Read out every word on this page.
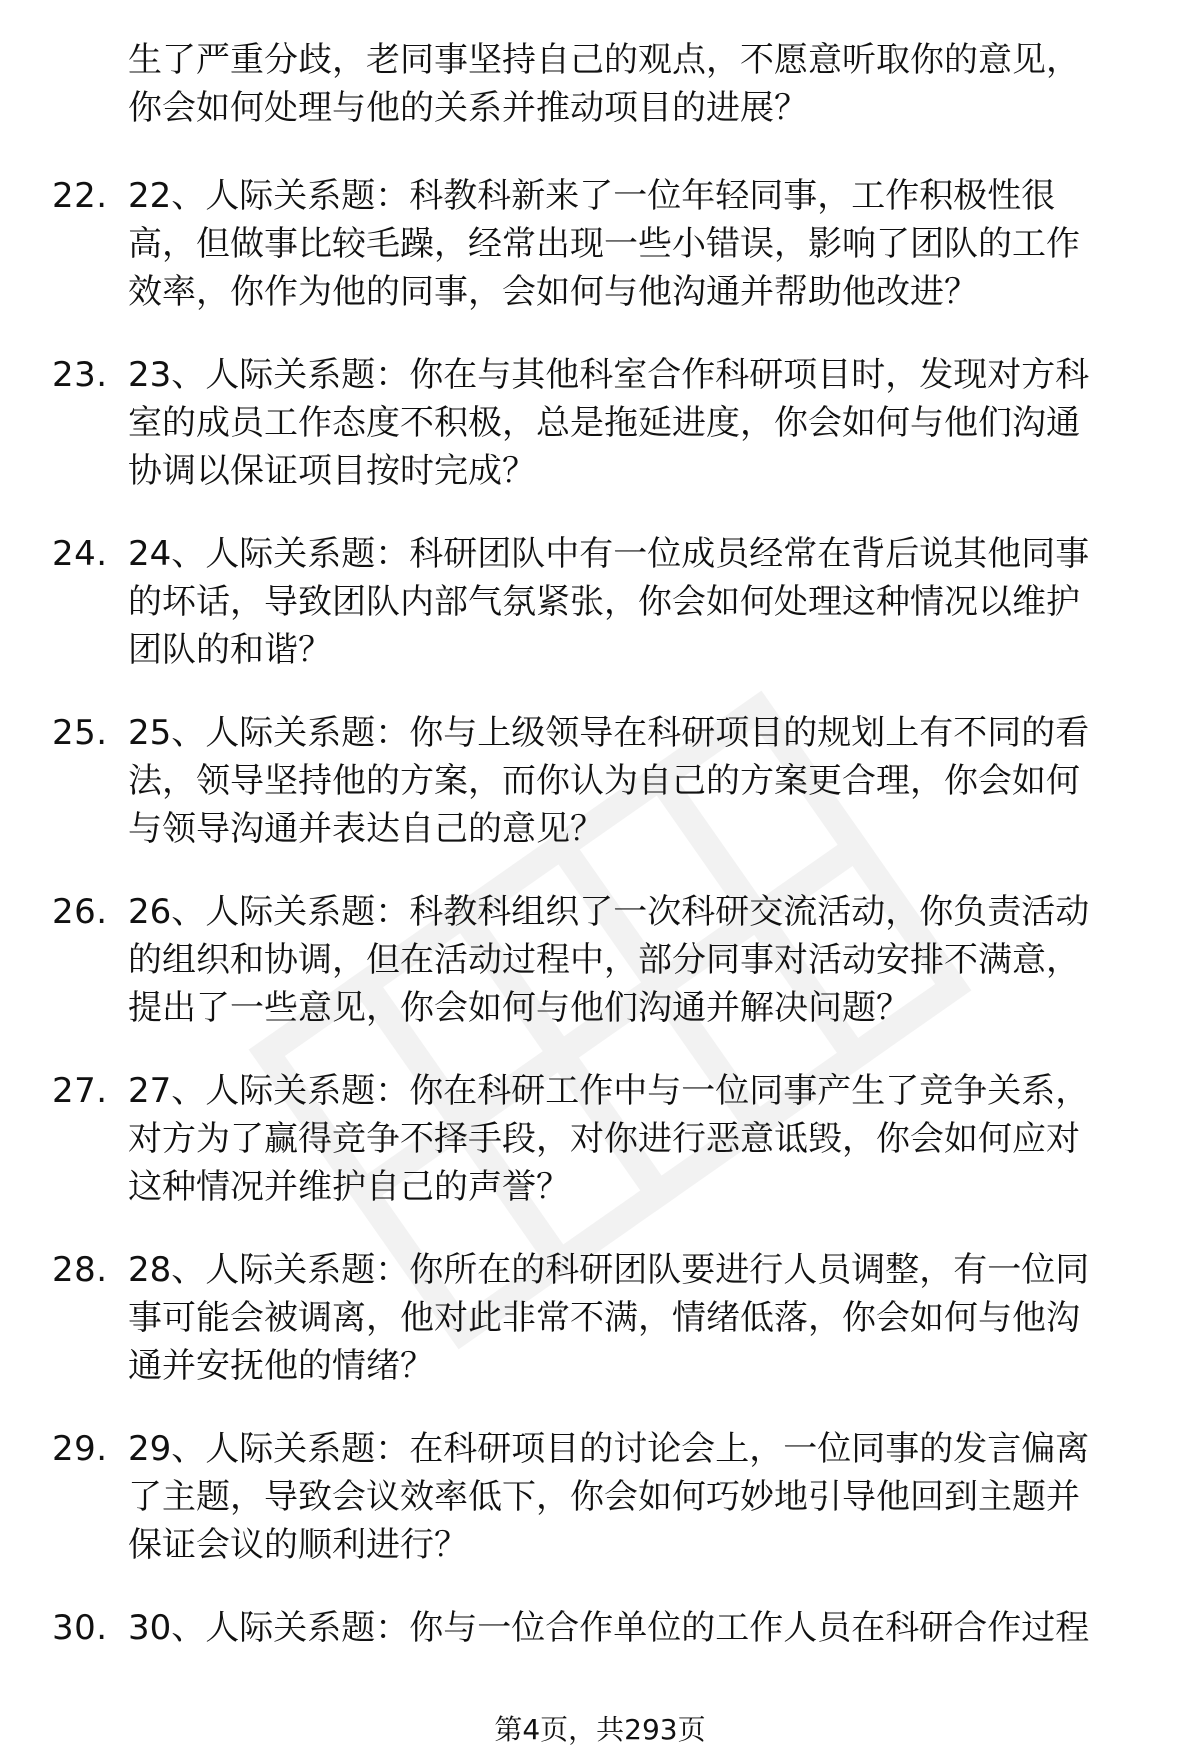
生了严重分歧，老同事坚持自己的观点，不愿意听取你的意见，
你会如何处理与他的关系并推动项目的进展？
22. 22、人际关系题：科教科新来了一位年轻同事，工作积极性很
高，但做事比较毛躁，经常出现一些小错误，影响了团队的工作
效率，你作为他的同事，会如何与他沟通并帮助他改进？
23. 23、人际关系题：你在与其他科室合作科研项目时，发现对方科
室的成员工作态度不积极，总是拖延进度，你会如何与他们沟通
协调以保证项目按时完成？
24. 24、人际关系题：科研团队中有一位成员经常在背后说其他同事
的坏话，导致团队内部气氛紧张，你会如何处理这种情况以维护
团队的和谐？
25. 25、人际关系题：你与上级领导在科研项目的规划上有不同的看
法，领导坚持他的方案，而你认为自己的方案更合理，你会如何
与领导沟通并表达自己的意见？
26. 26、人际关系题：科教科组织了一次科研交流活动，你负责活动
的组织和协调，但在活动过程中，部分同事对活动安排不满意，
提出了一些意见，你会如何与他们沟通并解决问题？
27. 27、人际关系题：你在科研工作中与一位同事产生了竞争关系，
对方为了赢得竞争不择手段，对你进行恶意诋毁，你会如何应对
这种情况并维护自己的声誉？
28. 28、人际关系题：你所在的科研团队要进行人员调整，有一位同
事可能会被调离，他对此非常不满，情绪低落，你会如何与他沟
通并安抚他的情绪？
29. 29、人际关系题：在科研项目的讨论会上，一位同事的发言偏离
了主题，导致会议效率低下，你会如何巧妙地引导他回到主题并
保证会议的顺利进行？
30. 30、人际关系题：你与一位合作单位的工作人员在科研合作过程
第4页，共293页
